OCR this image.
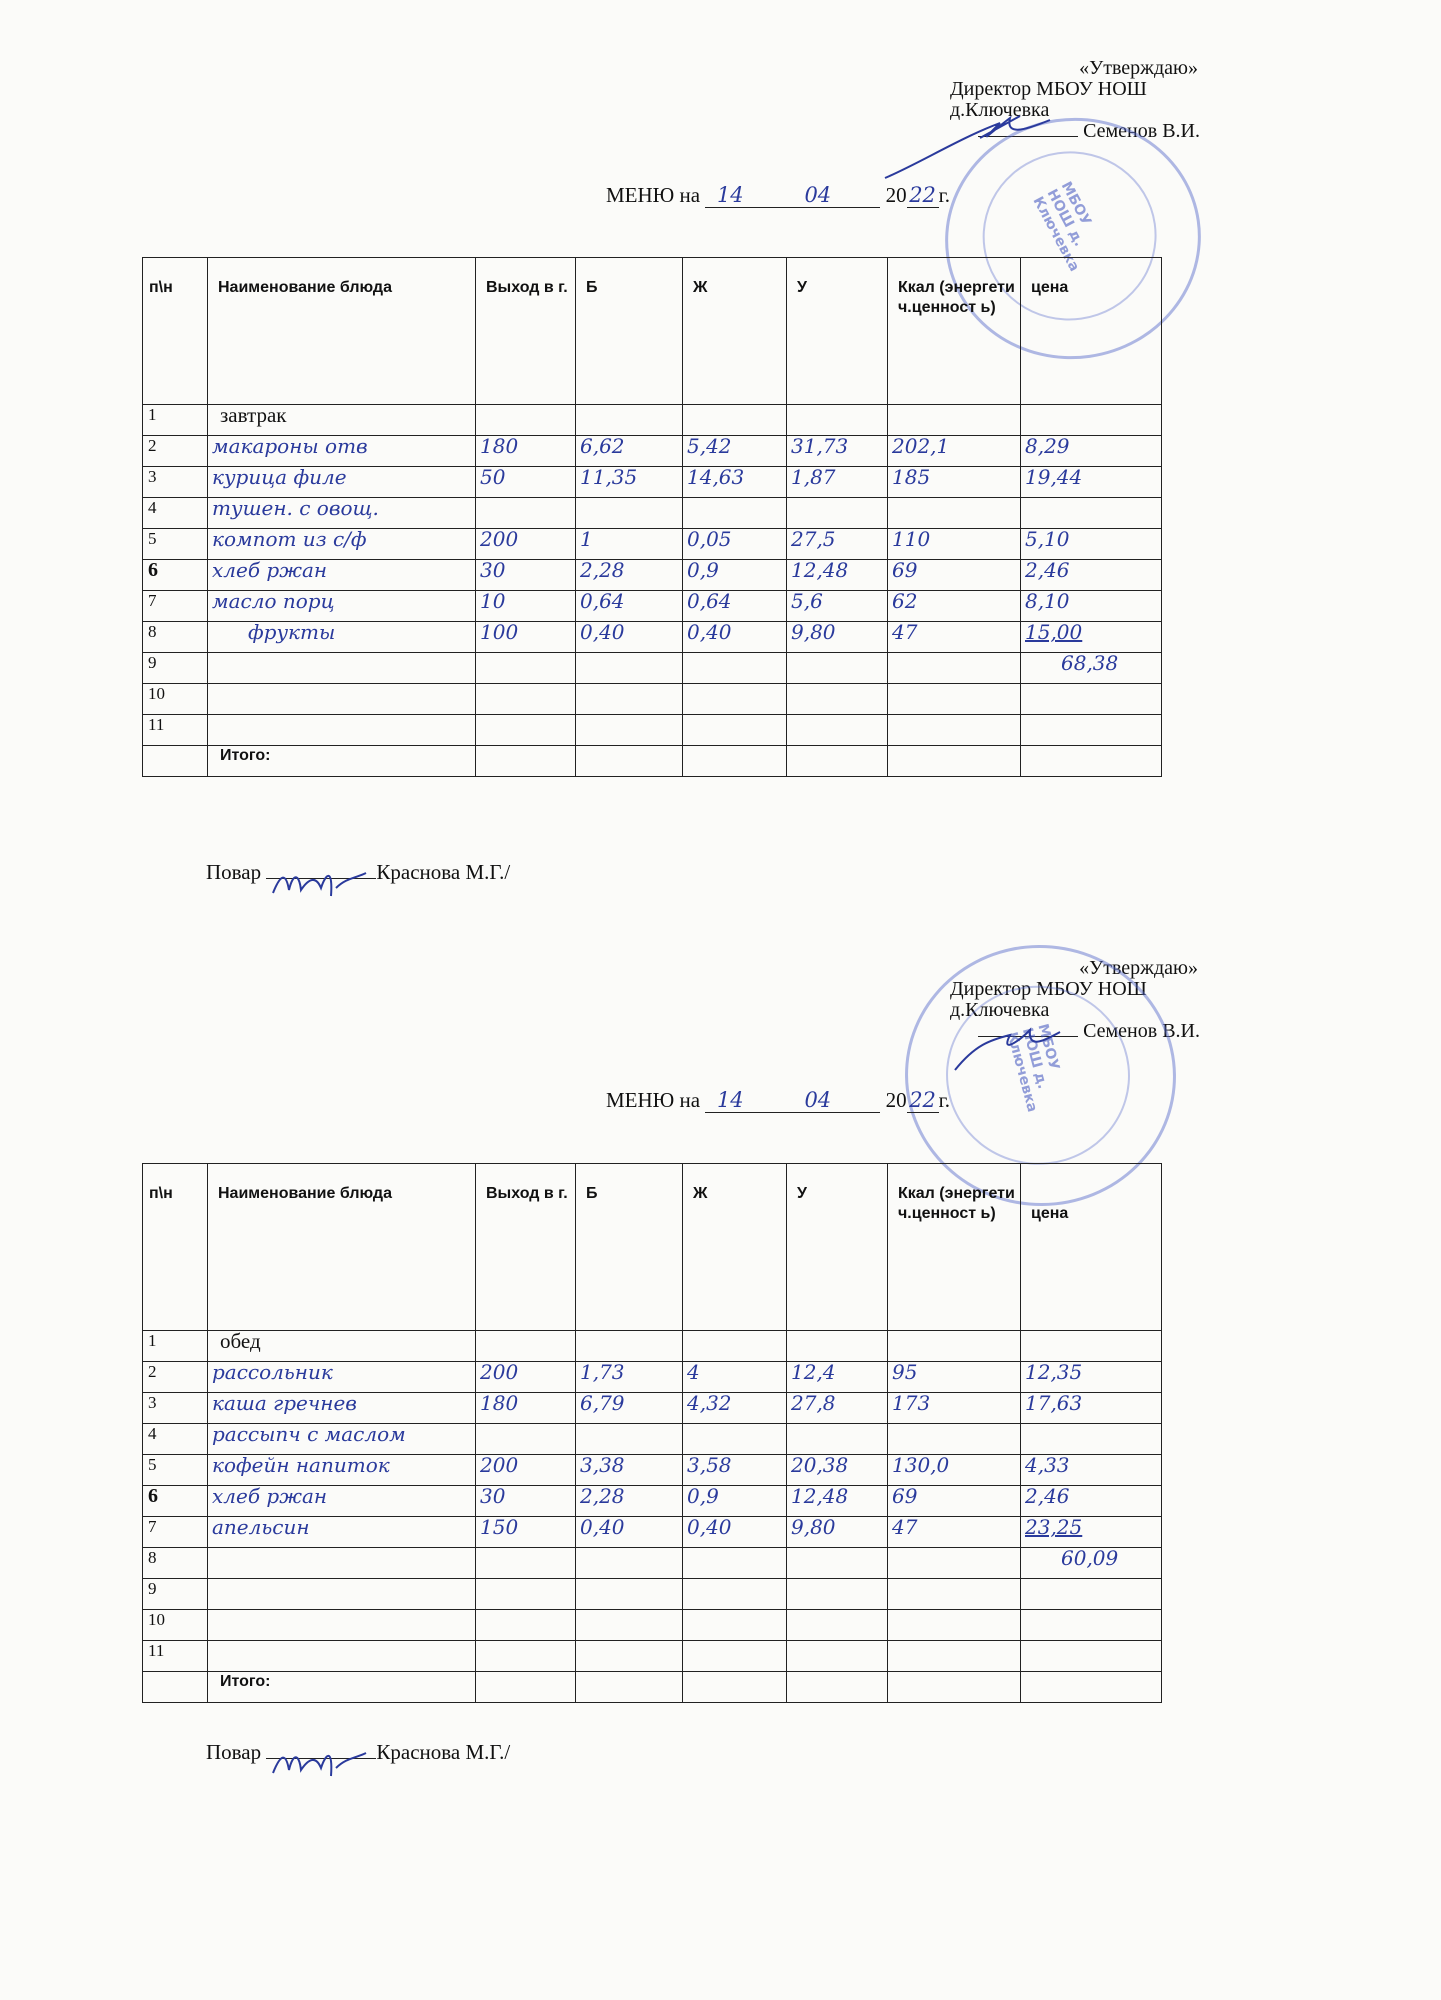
«Утверждаю»
Директор МБОУ НОШ
д.Ключевка
Семенов В.И.
МБОУ НОШ д. Ключевка
МЕНЮ на 14	04	20 22 г.
п\н	Наименование блюда	Выход в г.	Б	Ж	У	Ккал (энергети ч.ценност ь)	цена
1	завтрак						
2	макароны отв	180	6,62	5,42	31,73	202,1	8,29
3	курица филе	50	11,35	14,63	1,87	185	19,44
4	тушен. с овощ.						
5	компот из с/ф	200	1	0,05	27,5	110	5,10
6	хлеб ржан	30	2,28	0,9	12,48	69	2,46
7	масло порц	10	0,64	0,64	5,6	62	8,10
8	фрукты	100	0,40	0,40	9,80	47	15,00
9							68,38
10							
11							
	Итого:						
Повар	Краснова М.Г./
«Утверждаю»
Директор МБОУ НОШ
д.Ключевка
Семенов В.И.
МБОУ НОШ д. Ключевка
МЕНЮ на 14	04	20 22 г.
п\н	Наименование блюда	Выход в г.	Б	Ж	У	Ккал (энергети ч.ценност ь)	цена
1	обед						
2	рассольник	200	1,73	4	12,4	95	12,35
3	каша гречнев	180	6,79	4,32	27,8	173	17,63
4	рассыпч с маслом						
5	кофейн напиток	200	3,38	3,58	20,38	130,0	4,33
6	хлеб ржан	30	2,28	0,9	12,48	69	2,46
7	апельсин	150	0,40	0,40	9,80	47	23,25
8							60,09
9							
10							
11							
	Итого:						
Повар	Краснова М.Г./
